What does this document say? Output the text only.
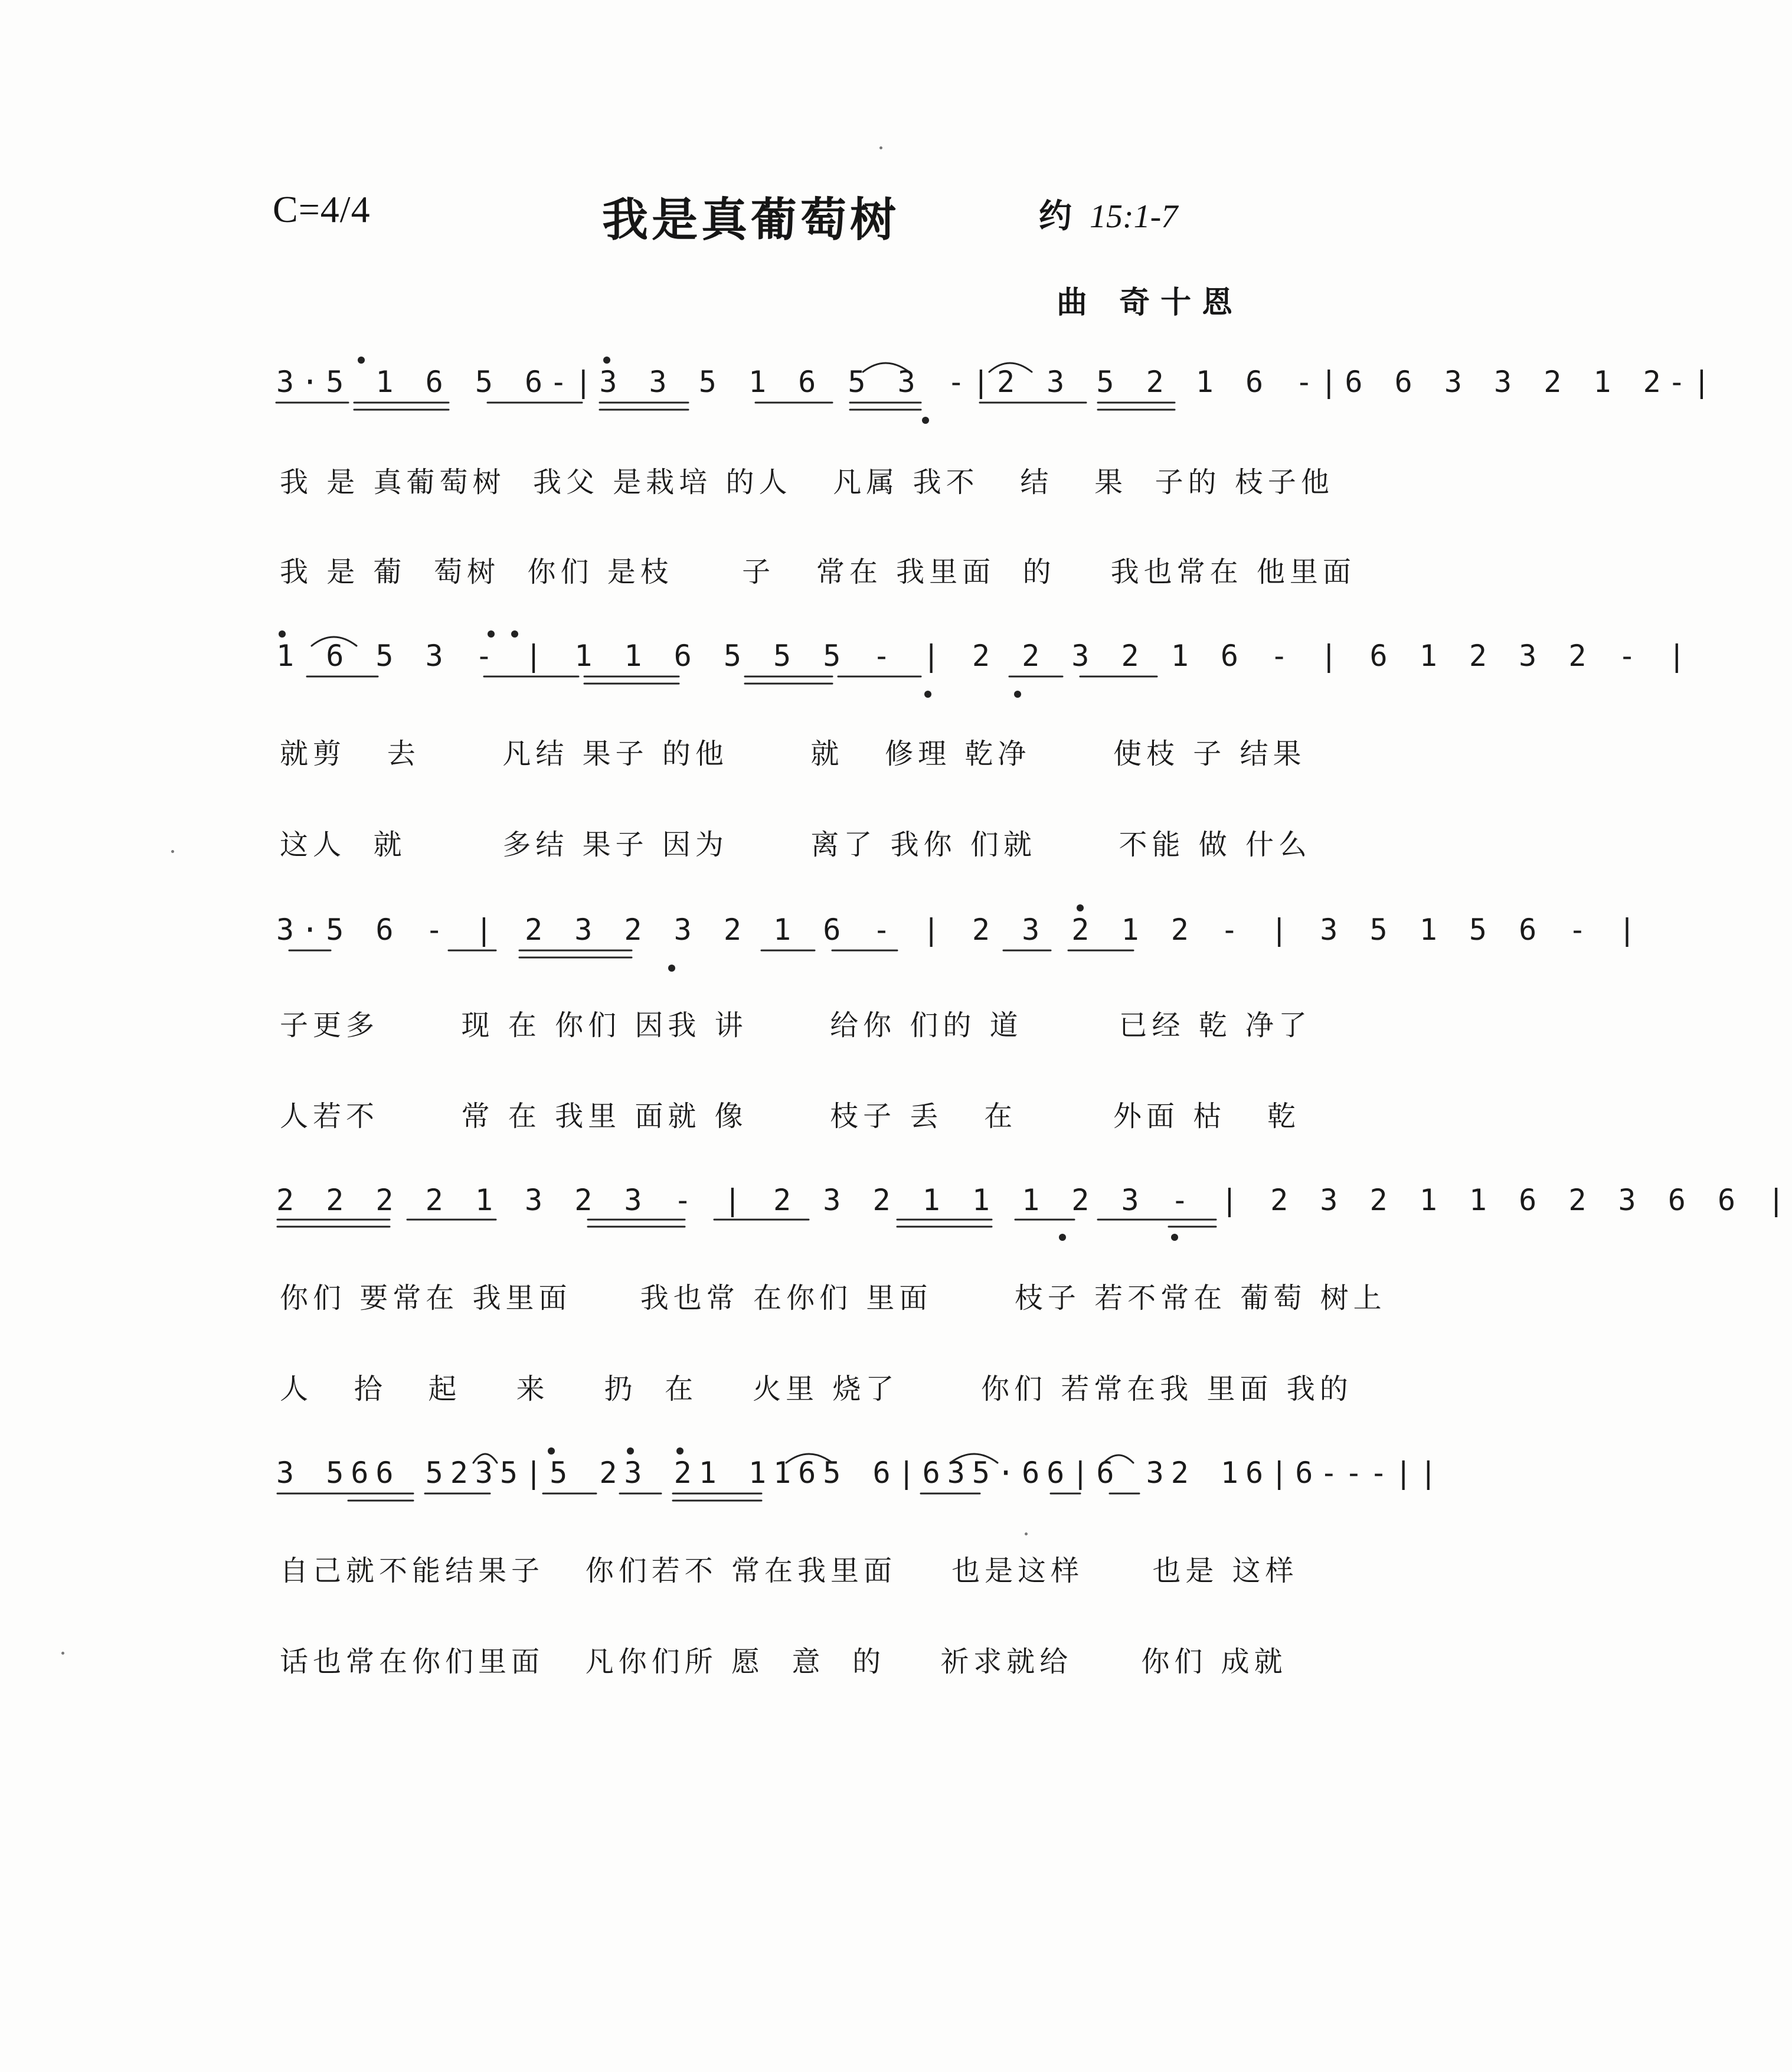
C=4/4	我是真葡萄树	约 15:1-7
曲 奇十恩
3·5 1 6 5 6-|3 3 5 1 6 5 3 -|2 3 5 2 1 6 -|6 6 3 3 2 1 2-|
我 是 真葡萄树  我父 是栽培 的人   凡属 我不   结   果  子的 枝子他
我 是 葡  萄树  你们 是枝     子   常在 我里面  的    我也常在 他里面
1 6 5 3 - | 1 1 6 5 5 5 - | 2 2 3 2 1 6 - | 6 1 2 3 2 - |
就剪   去      凡结 果子 的他      就   修理 乾净      使枝 子 结果
这人  就       多结 果子 因为      离了 我你 们就      不能 做 什么
3·5 6 - | 2 3 2 3 2 1 6 - | 2 3 2 1 2 - | 3 5 1 5 6 - |
子更多      现 在 你们 因我 讲      给你 们的 道       已经 乾 净了
人若不      常 在 我里 面就 像      枝子 丢   在       外面 枯   乾
2 2 2 2 1 3 2 3 - | 2 3 2 1 1 1 2 3 - | 2 3 2 1 1 6 2 3 6 6 |
你们 要常在 我里面     我也常 在你们 里面      枝子 若不常在 葡萄 树上
人   拾   起    来    扔  在    火里 烧了      你们 若常在我 里面 我的
3 566 5235|5 23 21 1165 6|635·66|6 32 16|6---||
自己就不能结果子   你们若不 常在我里面    也是这样     也是 这样
话也常在你们里面   凡你们所 愿  意  的    祈求就给     你们 成就
